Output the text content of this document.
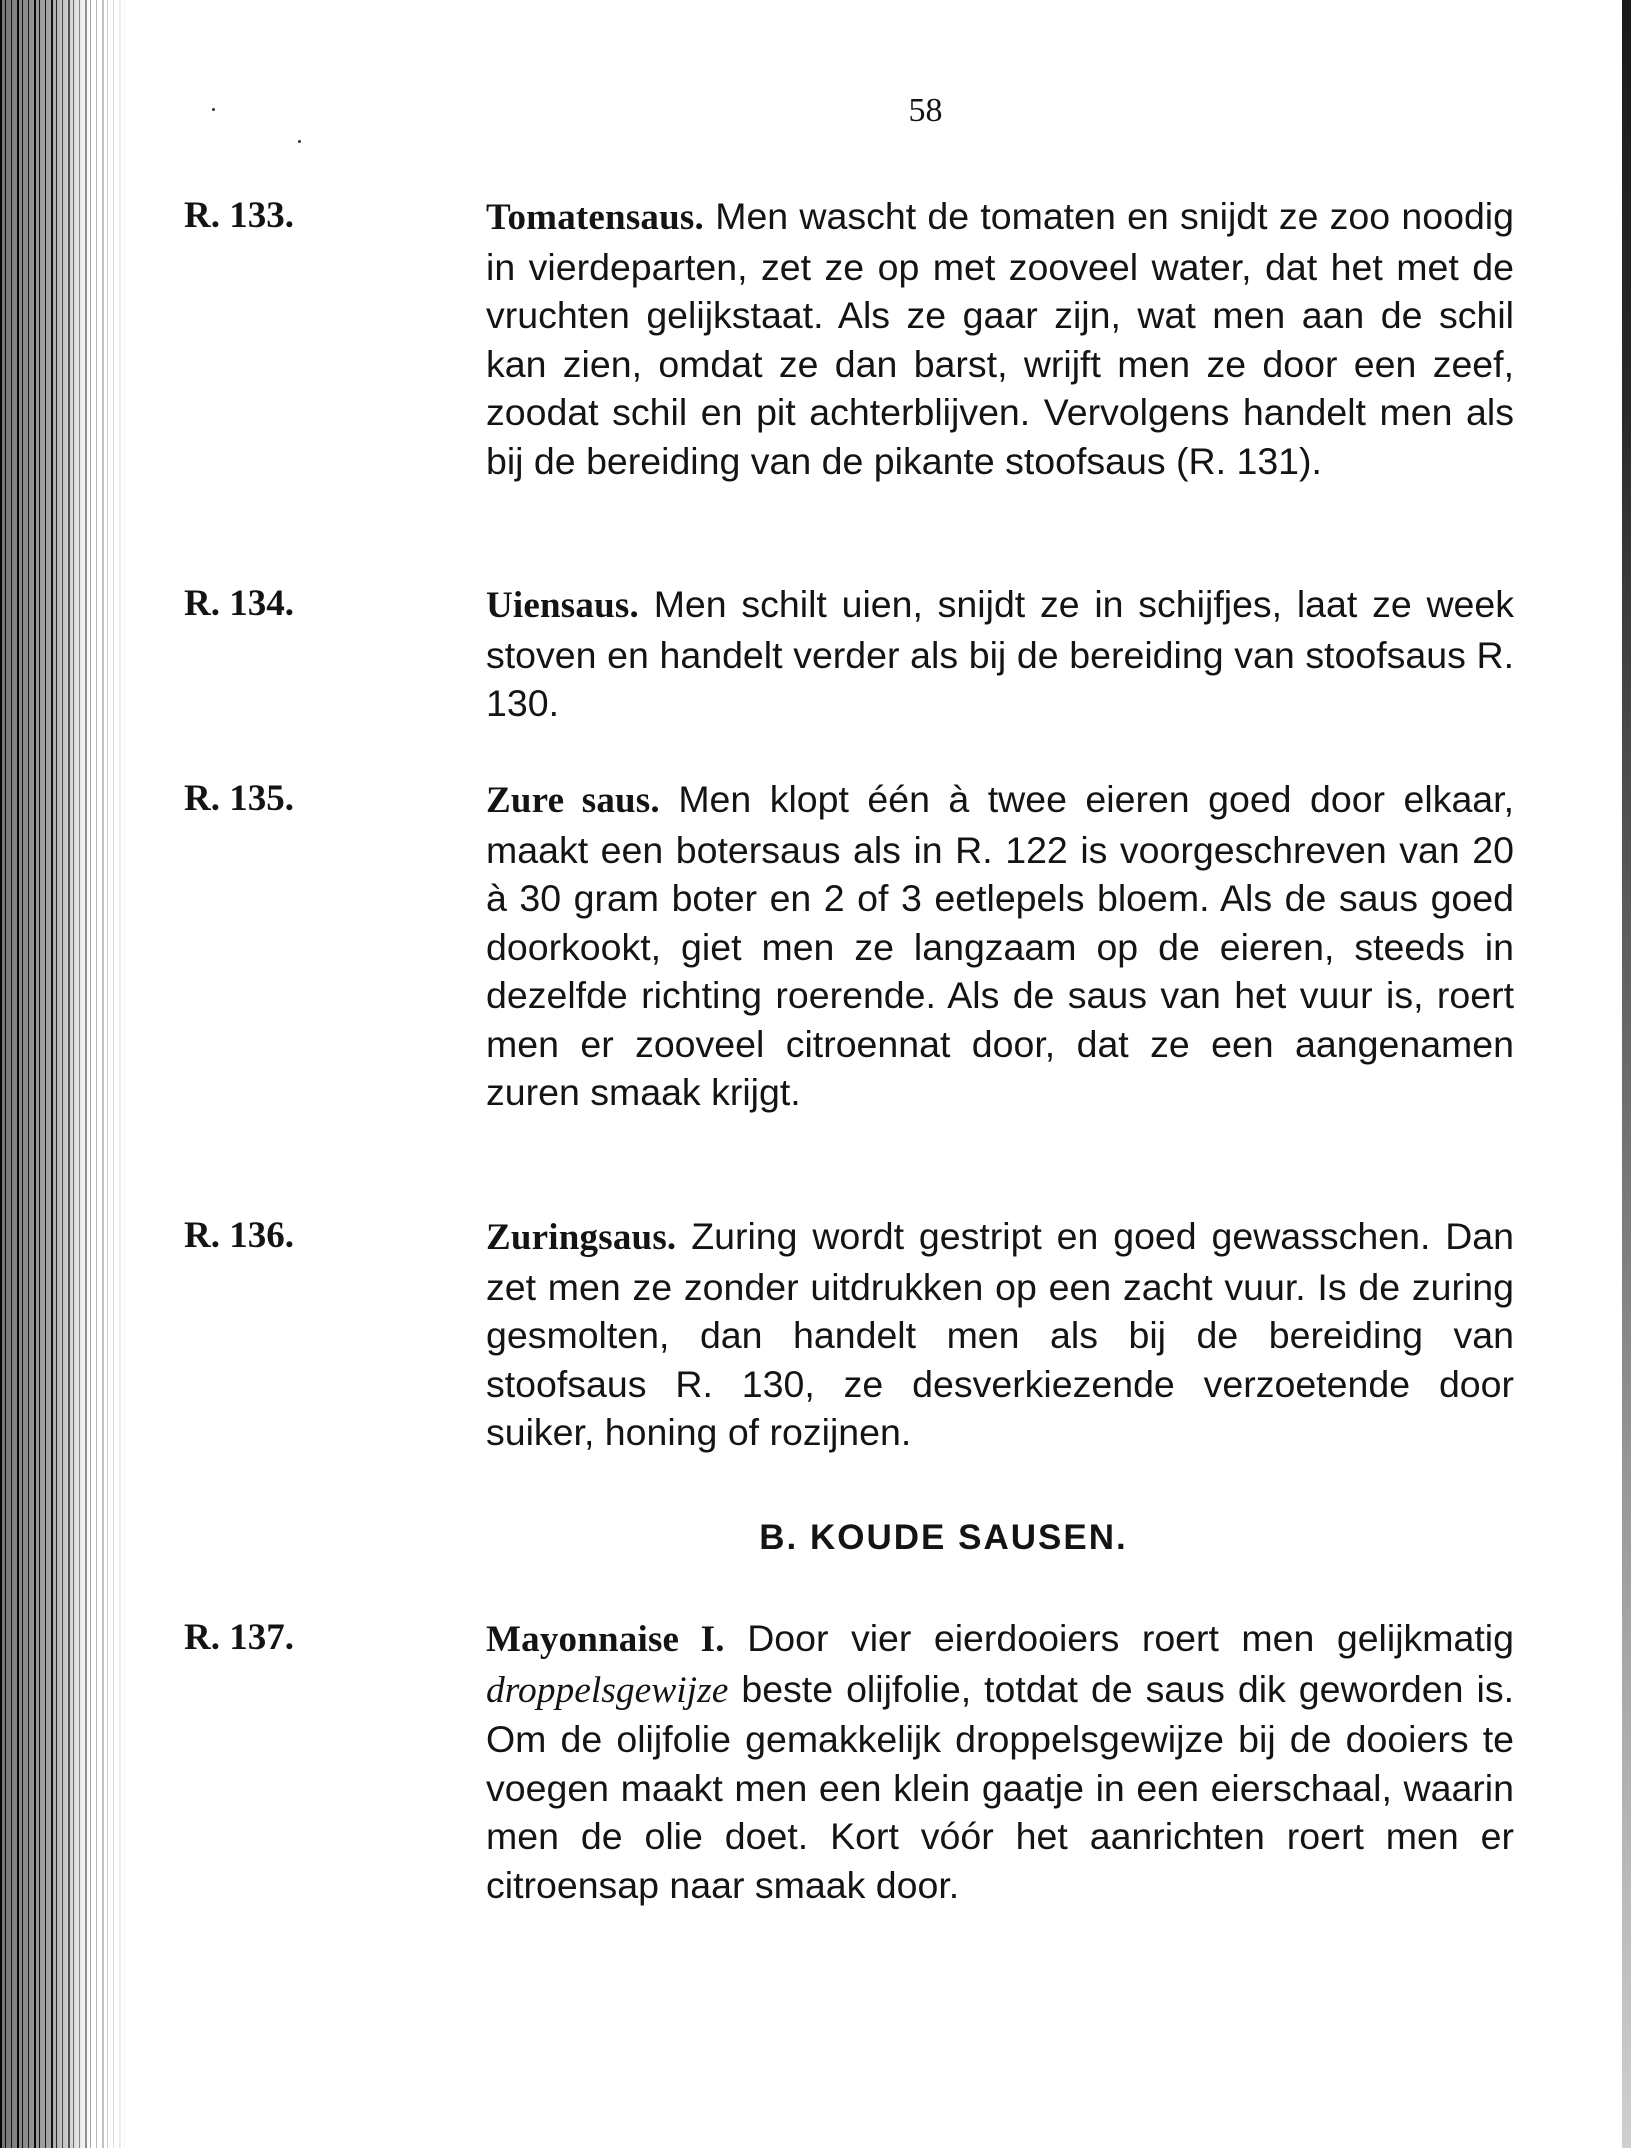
58
R. 133.	Tomatensaus. Men wascht de tomaten en snijdt ze zoo noodig in vierdeparten, zet ze op met zooveel water, dat het met de vruchten gelijkstaat. Als ze gaar zijn, wat men aan de schil kan zien, omdat ze dan barst, wrijft men ze door een zeef, zoodat schil en pit achterblijven. Vervolgens handelt men als bij de bereiding van de pikante stoofsaus (R. 131).

R. 134.	Uiensaus. Men schilt uien, snijdt ze in schijfjes, laat ze week stoven en handelt verder als bij de bereiding van stoofsaus R. 130.

R. 135.	Zure saus. Men klopt één à twee eieren goed door elkaar, maakt een botersaus als in R. 122 is voorgeschreven van 20 à 30 gram boter en 2 of 3 eetlepels bloem. Als de saus goed doorkookt, giet men ze langzaam op de eieren, steeds in dezelfde richting roerende. Als de saus van het vuur is, roert men er zooveel citroennat door, dat ze een aangenamen zuren smaak krijgt.

R. 136.	Zuringsaus. Zuring wordt gestript en goed gewasschen. Dan zet men ze zonder uitdrukken op een zacht vuur. Is de zuring gesmolten, dan handelt men als bij de bereiding van stoofsaus R. 130, ze desverkiezende verzoetende door suiker, honing of rozijnen.

B. KOUDE SAUSEN.
R. 137.	Mayonnaise I. Door vier eierdooiers roert men gelijkmatig droppelsgewijze beste olijfolie, totdat de saus dik geworden is. Om de olijfolie gemakkelijk droppelsgewijze bij de dooiers te voegen maakt men een klein gaatje in een eierschaal, waarin men de olie doet. Kort vóór het aanrichten roert men er citroensap naar smaak door.
